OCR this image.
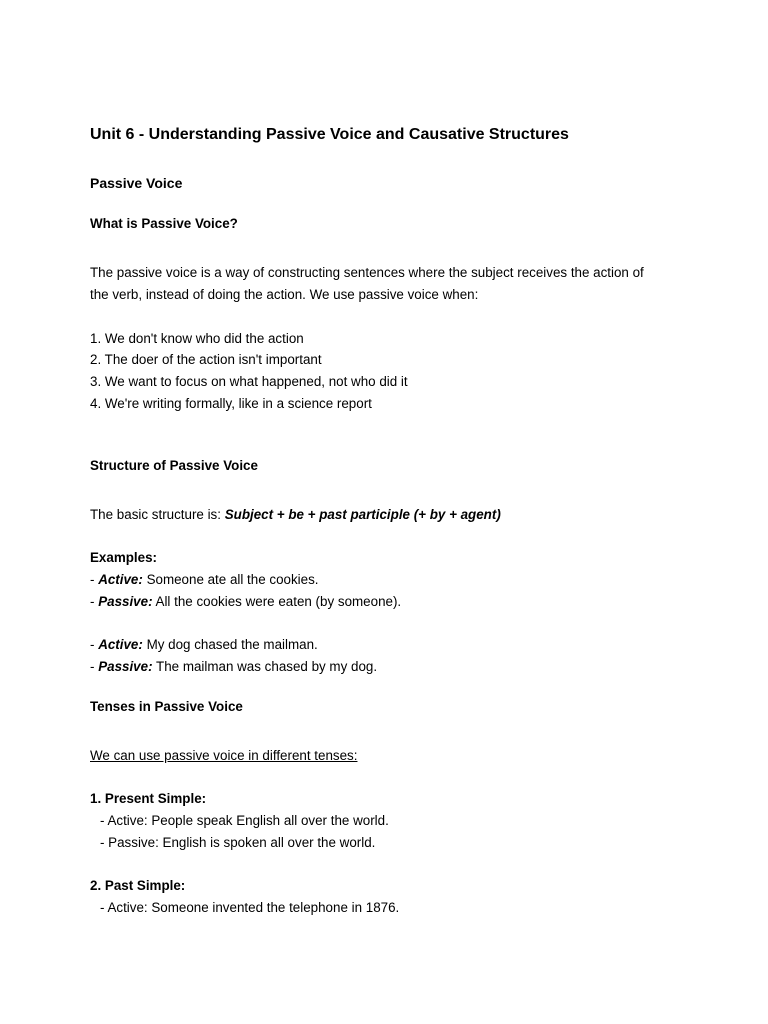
Unit 6 - Understanding Passive Voice and Causative Structures

Passive Voice

What is Passive Voice?

The passive voice is a way of constructing sentences where the subject receives the action of

the verb, instead of doing the action. We use passive voice when:

1. We don't know who did the action

2. The doer of the action isn't important

3. We want to focus on what happened, not who did it

4. We're writing formally, like in a science report

Structure of Passive Voice

The basic structure is: Subject + be + past participle (+ by + agent)

Examples:

- Active: Someone ate all the cookies.

- Passive: All the cookies were eaten (by someone).

- Active: My dog chased the mailman.

- Passive: The mailman was chased by my dog.

Tenses in Passive Voice

We can use passive voice in different tenses:

1. Present Simple:

- Active: People speak English all over the world.

- Passive: English is spoken all over the world.

2. Past Simple:

- Active: Someone invented the telephone in 1876.
